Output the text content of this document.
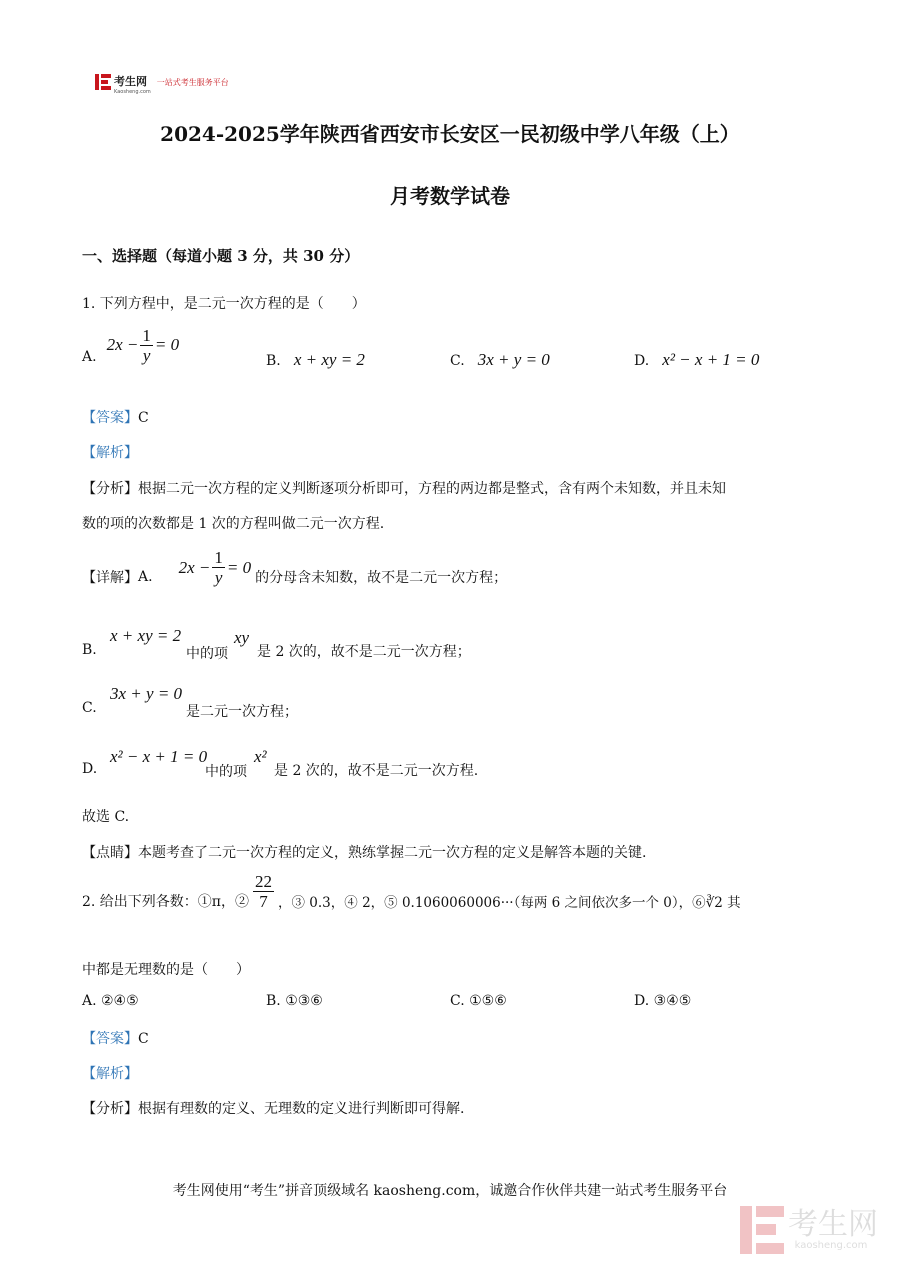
考生网
Kaosheng.com
一站式考生服务平台
2024-2025学年陕西省西安市长安区一民初级中学八年级（上）
月考数学试卷
一、选择题（每道小题 3 分，共 30 分）
1. 下列方程中，是二元一次方程的是（　　）
A.
$2x - \frac{1}{y} = 0$
B. x + xy = 2	C. 3x + y = 0	D. x² − x + 1 = 0
【答案】C
【解析】
【分析】根据二元一次方程的定义判断逐项分析即可，方程的两边都是整式，含有两个未知数，并且未知
数的项的次数都是 1 次的方程叫做二元一次方程.
【详解】 A. $2x - \frac{1}{y} = 0$
的分母含未知数，故不是二元一次方程；
B.
x + xy = 2
中的项
xy
是 2 次的，故不是二元一次方程；
C.
3x + y = 0
是二元一次方程；
D.
x² − x + 1 = 0
中的项
x²
是 2 次的，故不是二元一次方程.
故选 C.
【点睛】本题考查了二元一次方程的定义，熟练掌握二元一次方程的定义是解答本题的关键.
2. 给出下列各数：①π，② $\frac{22}{7}$ ，③ 0.3，④ 2，⑤ 0.1060060006···（每两 6 之间依次多一个 0），⑥∛2 其
中都是无理数的是（　　）
A. ②④⑤	B. ①③⑥	C. ①⑤⑥	D. ③④⑤
【答案】C
【解析】
【分析】根据有理数的定义、无理数的定义进行判断即可得解.
考生网使用“考生”拼音顶级域名 kaosheng.com，诚邀合作伙伴共建一站式考生服务平台
考生网
kaosheng.com
